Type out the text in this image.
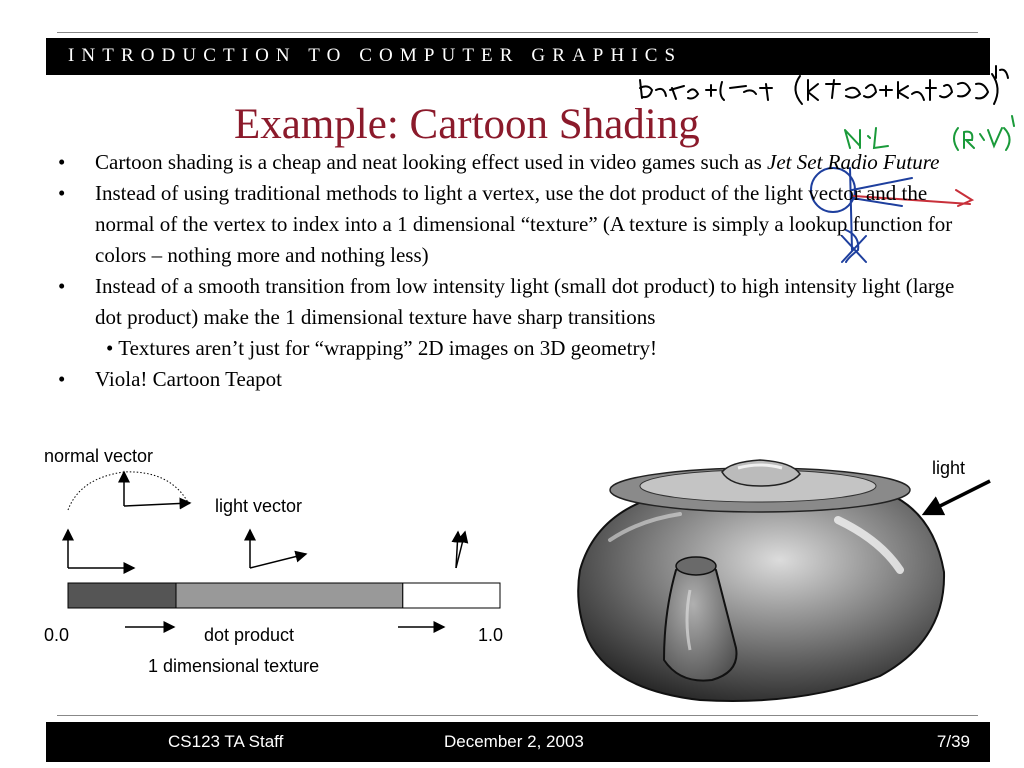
INTRODUCTION TO COMPUTER GRAPHICS
Example: Cartoon Shading
• Cartoon shading is a cheap and neat looking effect used in video games such as Jet Set Radio Future
• Instead of using traditional methods to light a vertex, use the dot product of the light vector and the normal of the vertex to index into a 1 dimensional “texture” (A texture is simply a lookup function for colors – nothing more and nothing less)
• Instead of a smooth transition from low intensity light (small dot product) to high intensity light (large dot product) make the 1 dimensional texture have sharp transitions
• Textures aren’t just for “wrapping” 2D images on 3D geometry!
• Viola! Cartoon Teapot
normal vector
light vector
0.0	dot product	1.0
1 dimensional texture
light
CS123 TA Staff	December 2, 2003	7/39
